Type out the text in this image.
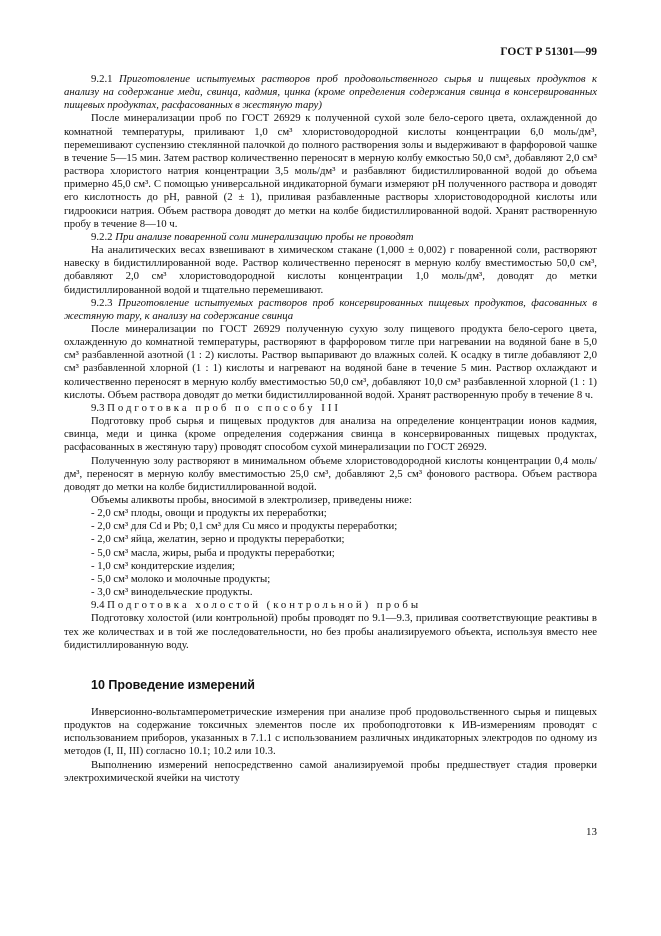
ГОСТ Р 51301—99

9.2.1 Приготовление испытуемых растворов проб продовольственного сырья и пищевых продуктов к анализу на содержание меди, свинца, кадмия, цинка (кроме определения содержания свинца в консервированных пищевых продуктах, расфасованных в жестяную тару)

После минерализации проб по ГОСТ 26929 к полученной сухой золе бело-серого цвета, охлажденной до комнатной температуры, приливают 1,0 см³ хлористоводородной кислоты концентрации 6,0 моль/дм³, перемешивают суспензию стеклянной палочкой до полного растворения золы и выдерживают в фарфоровой чашке в течение 5—15 мин. Затем раствор количественно переносят в мерную колбу емкостью 50,0 см³, добавляют 2,0 см³ раствора хлористого натрия концентрации 3,5 моль/дм³ и разбавляют бидистиллированной водой до объема примерно 45,0 см³. С помощью универсальной индикаторной бумаги измеряют рН полученного раствора и доводят его кислотность до рН, равной (2 ± 1), приливая разбавленные растворы хлористоводородной кислоты или гидроокиси натрия. Объем раствора доводят до метки на колбе бидистиллированной водой. Хранят растворенную пробу в течение 8—10 ч.

9.2.2 При анализе поваренной соли минерализацию пробы не проводят

На аналитических весах взвешивают в химическом стакане (1,000 ± 0,002) г поваренной соли, растворяют навеску в бидистиллированной воде. Раствор количественно переносят в мерную колбу вместимостью 50,0 см³, добавляют 2,0 см³ хлористоводородной кислоты концентрации 1,0 моль/дм³, доводят до метки бидистиллированной водой и тщательно перемешивают.

9.2.3 Приготовление испытуемых растворов проб консервированных пищевых продуктов, фасованных в жестяную тару, к анализу на содержание свинца

После минерализации по ГОСТ 26929 полученную сухую золу пищевого продукта бело-серого цвета, охлажденную до комнатной температуры, растворяют в фарфоровом тигле при нагревании на водяной бане в 5,0 см³ разбавленной азотной (1 : 2) кислоты. Раствор выпаривают до влажных солей. К осадку в тигле добавляют 2,0 см³ разбавленной хлорной (1 : 1) кислоты и нагревают на водяной бане в течение 5 мин. Раствор охлаждают и количественно переносят в мерную колбу вместимостью 50,0 см³, добавляют 10,0 см³ разбавленной хлорной (1 : 1) кислоты. Объем раствора доводят до метки бидистиллированной водой. Хранят растворенную пробу в течение 8 ч.

9.3 Подготовка проб по способу III

Подготовку проб сырья и пищевых продуктов для анализа на определение концентрации ионов кадмия, свинца, меди и цинка (кроме определения содержания свинца в консервированных пищевых продуктах, расфасованных в жестяную тару) проводят способом сухой минерализации по ГОСТ 26929.

Полученную золу растворяют в минимальном объеме хлористоводородной кислоты концентрации 0,4 моль/дм³, переносят в мерную колбу вместимостью 25,0 см³, добавляют 2,5 см³ фонового раствора. Объем раствора доводят до метки на колбе бидистиллированной водой.

Объемы аликвоты пробы, вносимой в электролизер, приведены ниже:

- 2,0 см³ плоды, овощи и продукты их переработки;
- 2,0 см³ для Cd и Pb; 0,1 см³ для Cu мясо и продукты переработки;
- 2,0 см³ яйца, желатин, зерно и продукты переработки;
- 5,0 см³ масла, жиры, рыба и продукты переработки;
- 1,0 см³ кондитерские изделия;
- 5,0 см³ молоко и молочные продукты;
- 3,0 см³ винодельческие продукты.

9.4 Подготовка холостой (контрольной) пробы

Подготовку холостой (или контрольной) пробы проводят по 9.1—9.3, приливая соответствующие реактивы в тех же количествах и в той же последовательности, но без пробы анализируемого объекта, используя вместо нее бидистиллированную воду.

10 Проведение измерений

Инверсионно-вольтамперометрические измерения при анализе проб продовольственного сырья и пищевых продуктов на содержание токсичных элементов после их пробоподготовки к ИВ-измерениям проводят с использованием приборов, указанных в 7.1.1 с использованием различных индикаторных электродов по одному из методов (I, II, III) согласно 10.1; 10.2 или 10.3.

Выполнению измерений непосредственно самой анализируемой пробы предшествует стадия проверки электрохимической ячейки на чистоту

13
